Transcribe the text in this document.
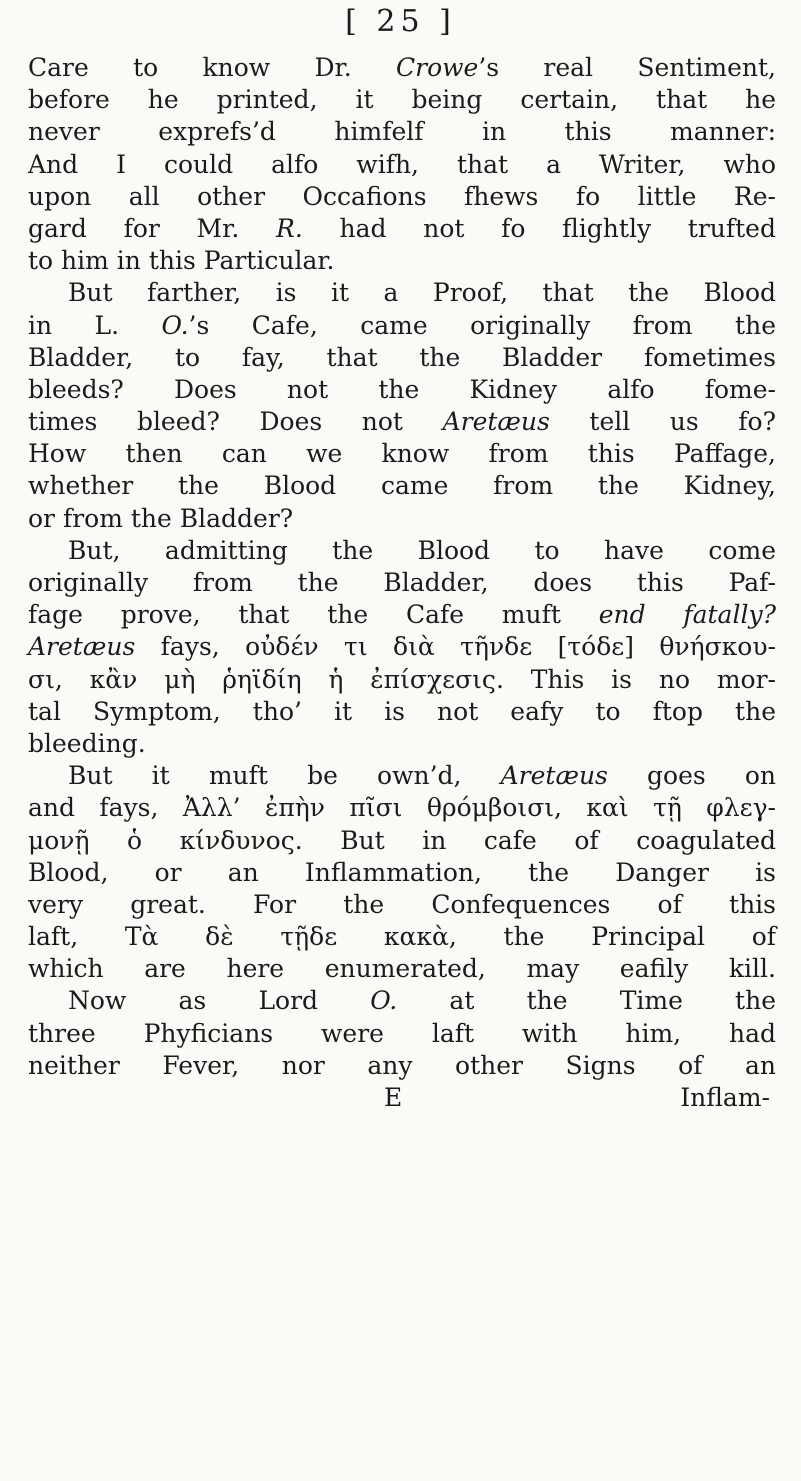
[ 25 ]
Care to know Dr. Crowe’s real Sentiment,
before he printed, it being certain, that he
never exprefs’d himfelf in this manner:
And I could alfo wifh, that a Writer, who
upon all other Occafions fhews fo little Re-
gard for Mr. R. had not fo flightly trufted
to him in this Particular.
But farther, is it a Proof, that the Blood
in L. O.’s Cafe, came originally from the
Bladder, to fay, that the Bladder fometimes
bleeds? Does not the Kidney alfo fome-
times bleed? Does not Aretæus tell us fo?
How then can we know from this Paffage,
whether the Blood came from the Kidney,
or from the Bladder?
But, admitting the Blood to have come
originally from the Bladder, does this Paf-
fage prove, that the Cafe muft end fatally?
Aretæus fays, οὐδέν τι διὰ τῆνδε [τόδε] θνήσκου-
σι, κἂν μὴ ῥηϊδίη ἡ ἐπίσχεσις. This is no mor-
tal Symptom, tho’ it is not eafy to ftop the
bleeding.
But it muft be own’d, Aretæus goes on
and fays, Ἀλλ’ ἐπὴν πῖσι θρόμβοισι, καὶ τῇ φλεγ-
μονῇ ὁ κίνδυνος. But in cafe of coagulated
Blood, or an Inflammation, the Danger is
very great. For the Confequences of this
laft, Τὰ δὲ τῇδε κακὰ, the Principal of
which are here enumerated, may eafily kill.
Now as Lord O. at the Time the
three Phyficians were laft with him, had
neither Fever, nor any other Signs of an
E	Inflam-
